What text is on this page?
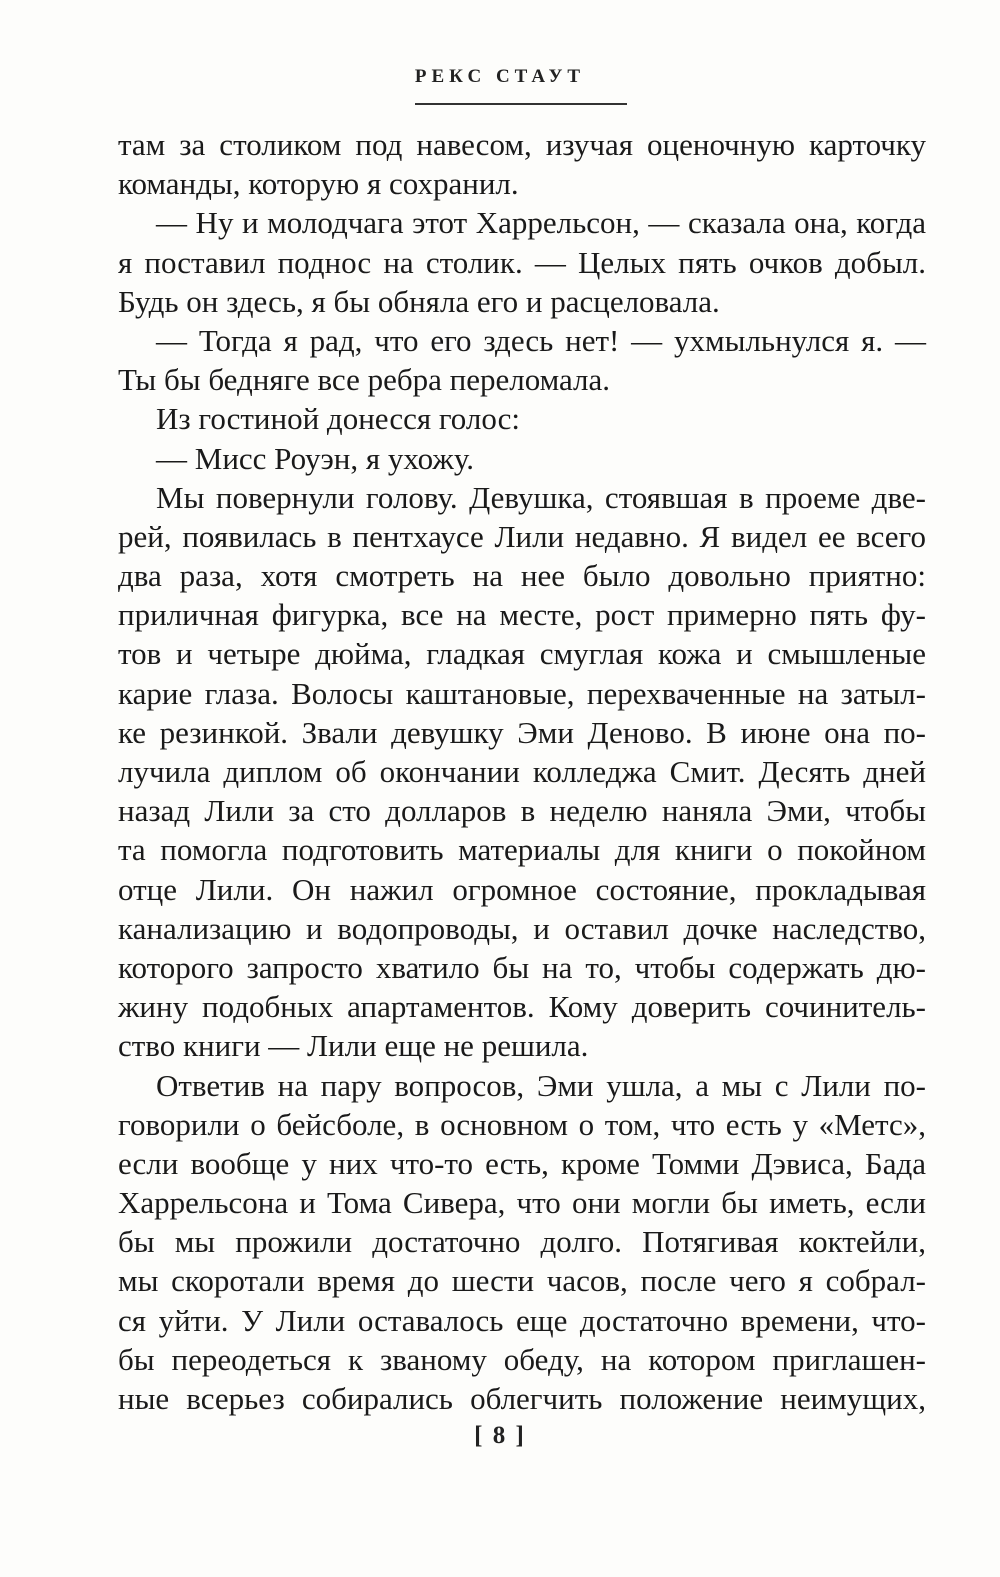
РЕКС СТАУТ
там за столиком под навесом, изучая оценочную карточку
команды, которую я сохранил.
— Ну и молодчага этот Харрельсон, — сказала она, когда
я поставил поднос на столик. — Целых пять очков добыл.
Будь он здесь, я бы обняла его и расцеловала.
— Тогда я рад, что его здесь нет! — ухмыльнулся я. —
Ты бы бедняге все ребра переломала.
Из гостиной донесся голос:
— Мисс Роуэн, я ухожу.
Мы повернули голову. Девушка, стоявшая в проеме две-
рей, появилась в пентхаусе Лили недавно. Я видел ее всего
два раза, хотя смотреть на нее было довольно приятно:
приличная фигурка, все на месте, рост примерно пять фу-
тов и четыре дюйма, гладкая смуглая кожа и смышленые
карие глаза. Волосы каштановые, перехваченные на затыл-
ке резинкой. Звали девушку Эми Деново. В июне она по-
лучила диплом об окончании колледжа Смит. Десять дней
назад Лили за сто долларов в неделю наняла Эми, чтобы
та помогла подготовить материалы для книги о покойном
отце Лили. Он нажил огромное состояние, прокладывая
канализацию и водопроводы, и оставил дочке наследство,
которого запросто хватило бы на то, чтобы содержать дю-
жину подобных апартаментов. Кому доверить сочинитель-
ство книги — Лили еще не решила.
Ответив на пару вопросов, Эми ушла, а мы с Лили по-
говорили о бейсболе, в основном о том, что есть у «Метс»,
если вообще у них что-то есть, кроме Томми Дэвиса, Бада
Харрельсона и Тома Сивера, что они могли бы иметь, если
бы мы прожили достаточно долго. Потягивая коктейли,
мы скоротали время до шести часов, после чего я собрал-
ся уйти. У Лили оставалось еще достаточно времени, что-
бы переодеться к званому обеду, на котором приглашен-
ные всерьез собирались облегчить положение неимущих,
[ 8 ]
